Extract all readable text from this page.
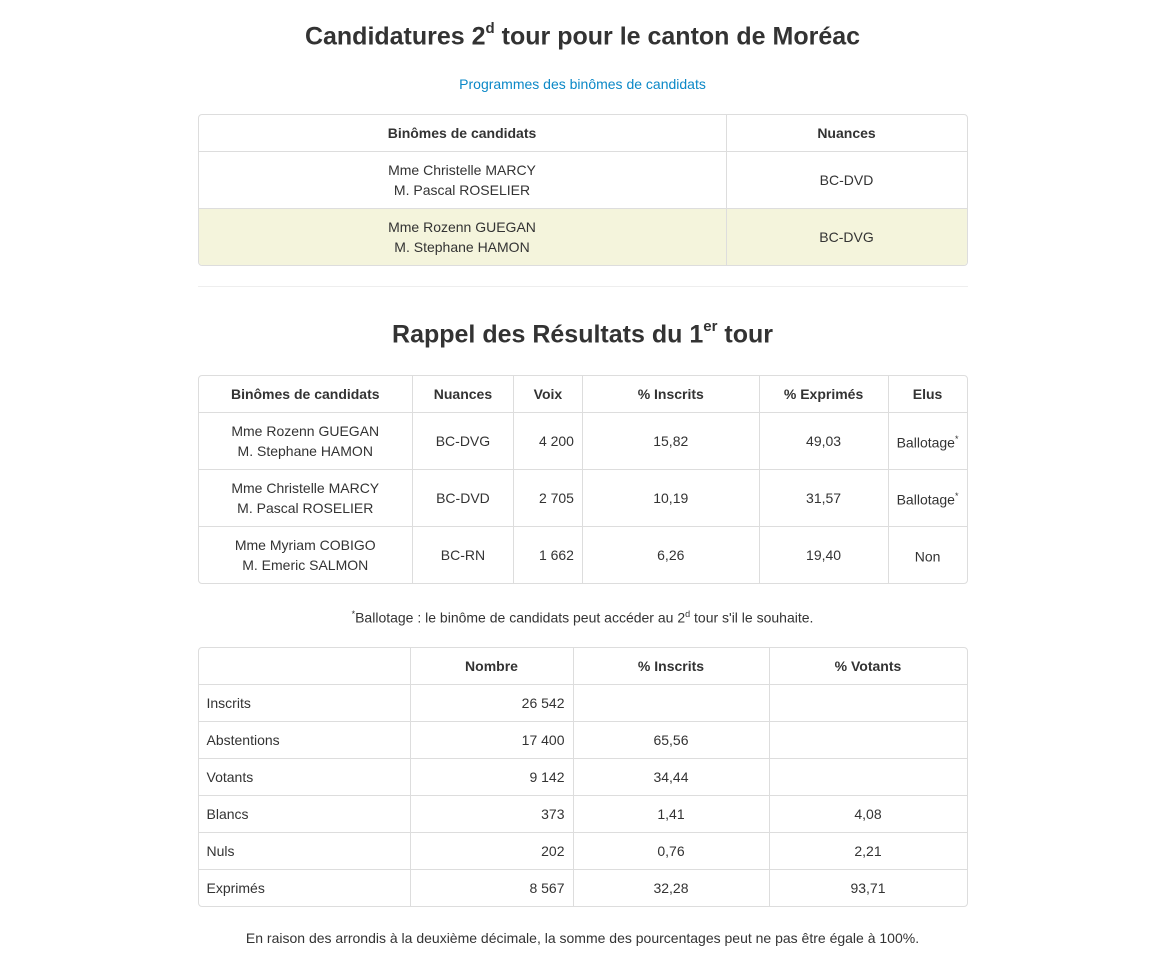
Candidatures 2$^d$ tour pour le canton de Moréac
Programmes des binômes de candidats
Binômes de candidats	Nuances
Mme Christelle MARCY
M. Pascal ROSELIER	BC-DVD
Mme Rozenn GUEGAN
M. Stephane HAMON	BC-DVG
Rappel des Résultats du 1er tour
Binômes de candidats	Nuances	Voix	% Inscrits	% Exprimés	Elus
Mme Rozenn GUEGAN
M. Stephane HAMON	BC-DVG	4 200	15,82	49,03	Ballotage*
Mme Christelle MARCY
M. Pascal ROSELIER	BC-DVD	2 705	10,19	31,57	Ballotage*
Mme Myriam COBIGO
M. Emeric SALMON	BC-RN	1 662	6,26	19,40	Non
*Ballotage : le binôme de candidats peut accéder au 2$^d$ tour s'il le souhaite.
	Nombre	% Inscrits	% Votants
Inscrits	26 542		
Abstentions	17 400	65,56	
Votants	9 142	34,44	
Blancs	373	1,41	4,08
Nuls	202	0,76	2,21
Exprimés	8 567	32,28	93,71
En raison des arrondis à la deuxième décimale, la somme des pourcentages peut ne pas être égale à 100%.
